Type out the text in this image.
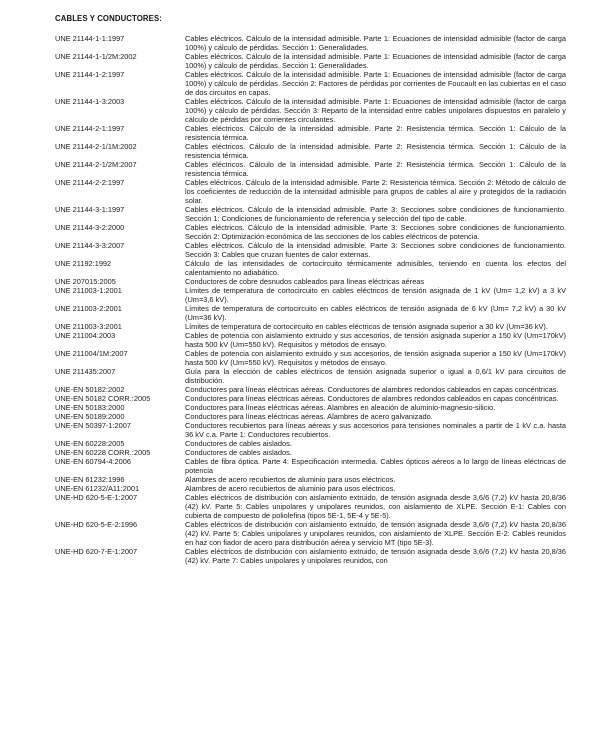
CABLES Y CONDUCTORES:
UNE 21144-1-1:1997	Cables eléctricos. Cálculo de la intensidad admisible. Parte 1: Ecuaciones de intensidad admisible (factor de carga 100%) y cálculo de pérdidas. Sección 1: Generalidades.
UNE 21144-1-1/2M:2002	Cables eléctricos. Cálculo de la intensidad admisible. Parte 1: Ecuaciones de intensidad admisible (factor de carga 100%) y cálculo de pérdidas. Sección 1: Generalidades.
UNE 21144-1-2:1997	Cables eléctricos. Cálculo de la intensidad admisible. Parte 1: Ecuaciones de intensidad admisible (factor de carga 100%) y cálculo de pérdidas. Sección 2: Factores de pérdidas por corrientes de Foucault en las cubiertas en el caso de dos circuitos en capas.
UNE 21144-1-3:2003	Cables eléctricos. Cálculo de la intensidad admisible. Parte 1: Ecuaciones de intensidad admisible (factor de carga 100%) y cálculo de pérdidas. Sección 3: Reparto de la intensidad entre cables unipolares dispuestos en paralelo y cálculo de pérdidas por corrientes circulantes.
UNE 21144-2-1:1997	Cables eléctricos. Cálculo de la intensidad admisible. Parte 2: Resistencia térmica. Sección 1: Cálculo de la resistencia térmica.
UNE 21144-2-1/1M:2002	Cables eléctricos. Cálculo de la intensidad admisible. Parte 2: Resistencia térmica. Sección 1: Cálculo de la resistencia térmica.
UNE 21144-2-1/2M:2007	Cables eléctricos. Cálculo de la intensidad admisible. Parte 2: Resistencia térmica. Sección 1: Cálculo de la resistencia térmica.
UNE 21144-2-2:1997	Cables eléctricos. Cálculo de la intensidad admisible. Parte 2: Resistencia térmica. Sección 2: Método de cálculo de los coeficientes de reducción de la intensidad admisible para grupos de cables al aire y protegidos de la radiación solar.
UNE 21144-3-1:1997	Cables eléctricos. Cálculo de la intensidad admisible. Parte 3: Secciones sobre condiciones de funcionamiento. Sección 1: Condiciones de funcionamiento de referencia y selección del tipo de cable.
UNE 21144-3-2:2000	Cables eléctricos. Cálculo de la intensidad admisible. Parte 3: Secciones sobre condiciones de funcionamiento. Sección 2: Optimización económica de las secciones de los cables eléctricos de potencia.
UNE 21144-3-3:2007	Cables eléctricos. Cálculo de la intensidad admisible. Parte 3: Secciones sobre condiciones de funcionamiento. Sección 3: Cables que cruzan fuentes de calor externas.
UNE 21192:1992	Cálculo de las intensidades de cortocircuito térmicamente admisibles, teniendo en cuenta los efectos del calentamiento no adiabático.
UNE 207015:2005	Conductores de cobre desnudos cableados para líneas eléctricas aéreas
UNE 211003-1:2001	Límites de temperatura de cortocircuito en cables eléctricos de tensión asignada de 1 kV (Um= 1,2 kV) a 3 kV (Um=3,6 kV).
UNE 211003-2:2001	Límites de temperatura de cortocircuito en cables eléctricos de tensión asignada de 6 kV (Um= 7,2 kV) a 30 kV (Um=36 kV).
UNE 211003-3:2001	Límites de temperatura de cortocircuito en cables eléctricos de tensión asignada superior a 30 kV (Um=36 kV).
UNE 211004:2003	Cables de potencia con aislamiento extruido y sus accesorios, de tensión asignada superior a 150 kV (Um=170kV) hasta 500 kV (Um=550 kV). Requisitos y métodos de ensayo.
UNE 211004/1M:2007	Cables de potencia con aislamiento extruido y sus accesorios, de tensión asignada superior a 150 kV (Um=170kV) hasta 500 kV (Um=550 kV). Requisitos y métodos de ensayo.
UNE 211435:2007	Guía para la elección de cables eléctricos de tensión asignada superior o igual a 0,6/1 kV para circuitos de distribución.
UNE-EN 50182:2002	Conductores para líneas eléctricas aéreas. Conductores de alambres redondos cableados en capas concéntricas.
UNE-EN 50182 CORR.:2005	Conductores para líneas eléctricas aéreas. Conductores de alambres redondos cableados en capas concéntricas.
UNE-EN 50183:2000	Conductores para líneas eléctricas aéreas. Alambres en aleación de aluminio-magnesio-silicio.
UNE-EN 50189:2000	Conductores para líneas eléctricas aéreas. Alambres de acero galvanizado.
UNE-EN 50397-1:2007	Conductores recubiertos para líneas aéreas y sus accesorios para tensiones nominales a partir de 1 kV c.a. hasta 36 kV c.a. Parte 1: Conductores recubiertos.
UNE-EN 60228:2005	Conductores de cables aislados.
UNE-EN 60228 CORR.:2005	Conductores de cables aislados.
UNE-EN 60794-4:2006	Cables de fibra óptica. Parte 4: Especificación intermedia. Cables ópticos aéreos a lo largo de líneas eléctricas de potencia
UNE-EN 61232:1996	Alambres de acero recubiertos de aluminio para usos eléctricos.
UNE-EN 61232/A11:2001	Alambres de acero recubiertos de aluminio para usos eléctricos.
UNE-HD 620-5-E-1:2007	Cables eléctricos de distribución con aislamiento extruido, de tensión asignada desde 3,6/6 (7,2) kV hasta 20,8/36 (42) kV. Parte 5: Cables unipolares y unipolares reunidos, con aislamiento de XLPE. Sección E-1: Cables con cubierta de compuesto de poliolefina (tipos 5E-1, 5E-4 y 5E-5).
UNE-HD 620-5-E-2:1996	Cables eléctricos de distribución con aislamiento extruido, de tensión asignada desde 3,6/6 (7,2) kV hasta 20,8/36 (42) kV. Parte 5: Cables unipolares y unipolares reunidos, con aislamiento de XLPE. Sección E-2: Cables reunidos en haz con fiador de acero para distribución aérea y servicio MT (tipo 5E-3).
UNE-HD 620-7-E-1:2007	Cables eléctricos de distribución con aislamiento extruido, de tensión asignada desde 3,6/6 (7,2) kV hasta 20,8/36 (42) kV. Parte 7: Cables unipolares y unipolares reunidos, con
